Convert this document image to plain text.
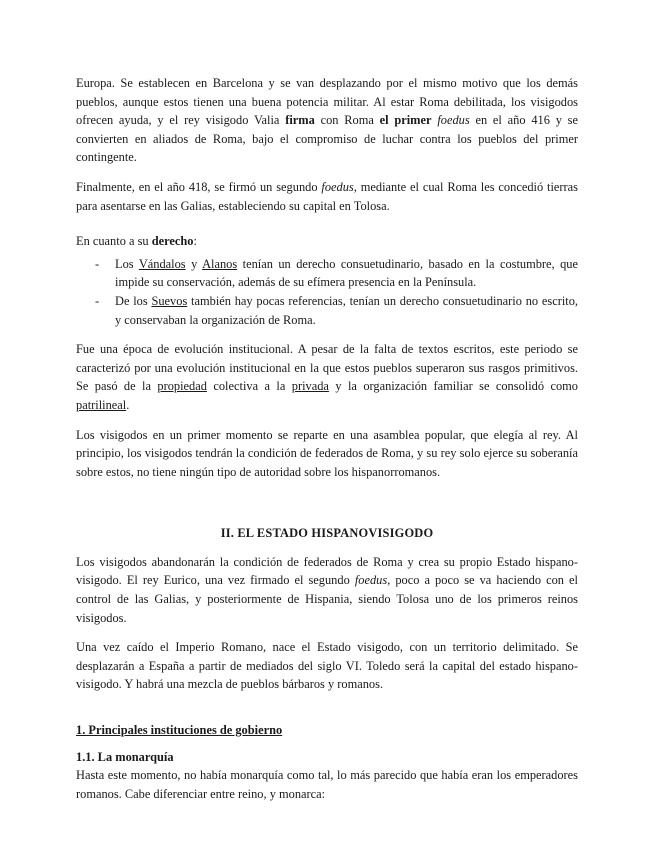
Europa. Se establecen en Barcelona y se van desplazando por el mismo motivo que los demás pueblos, aunque estos tienen una buena potencia militar. Al estar Roma debilitada, los visigodos ofrecen ayuda, y el rey visigodo Valia firma con Roma el primer foedus en el año 416 y se convierten en aliados de Roma, bajo el compromiso de luchar contra los pueblos del primer contingente.

Finalmente, en el año 418, se firmó un segundo foedus, mediante el cual Roma les concedió tierras para asentarse en las Galias, estableciendo su capital en Tolosa.

En cuanto a su derecho:

- Los Vándalos y Alanos tenían un derecho consuetudinario, basado en la costumbre, que impide su conservación, además de su efímera presencia en la Península.
- De los Suevos también hay pocas referencias, tenían un derecho consuetudinario no escrito, y conservaban la organización de Roma.

Fue una época de evolución institucional. A pesar de la falta de textos escritos, este periodo se caracterizó por una evolución institucional en la que estos pueblos superaron sus rasgos primitivos. Se pasó de la propiedad colectiva a la privada y la organización familiar se consolidó como patrilineal.

Los visigodos en un primer momento se reparte en una asamblea popular, que elegía al rey. Al principio, los visigodos tendrán la condición de federados de Roma, y su rey solo ejerce su soberanía sobre estos, no tiene ningún tipo de autoridad sobre los hispanorromanos.

II. EL ESTADO HISPANOVISIGODO

Los visigodos abandonarán la condición de federados de Roma y crea su propio Estado hispano-visigodo. El rey Eurico, una vez firmado el segundo foedus, poco a poco se va haciendo con el control de las Galias, y posteriormente de Hispania, siendo Tolosa uno de los primeros reinos visigodos.

Una vez caído el Imperio Romano, nace el Estado visigodo, con un territorio delimitado. Se desplazarán a España a partir de mediados del siglo VI. Toledo será la capital del estado hispano-visigodo. Y habrá una mezcla de pueblos bárbaros y romanos.

1. Principales instituciones de gobierno
1.1. La monarquía

Hasta este momento, no había monarquía como tal, lo más parecido que había eran los emperadores romanos. Cabe diferenciar entre reino, y monarca:
